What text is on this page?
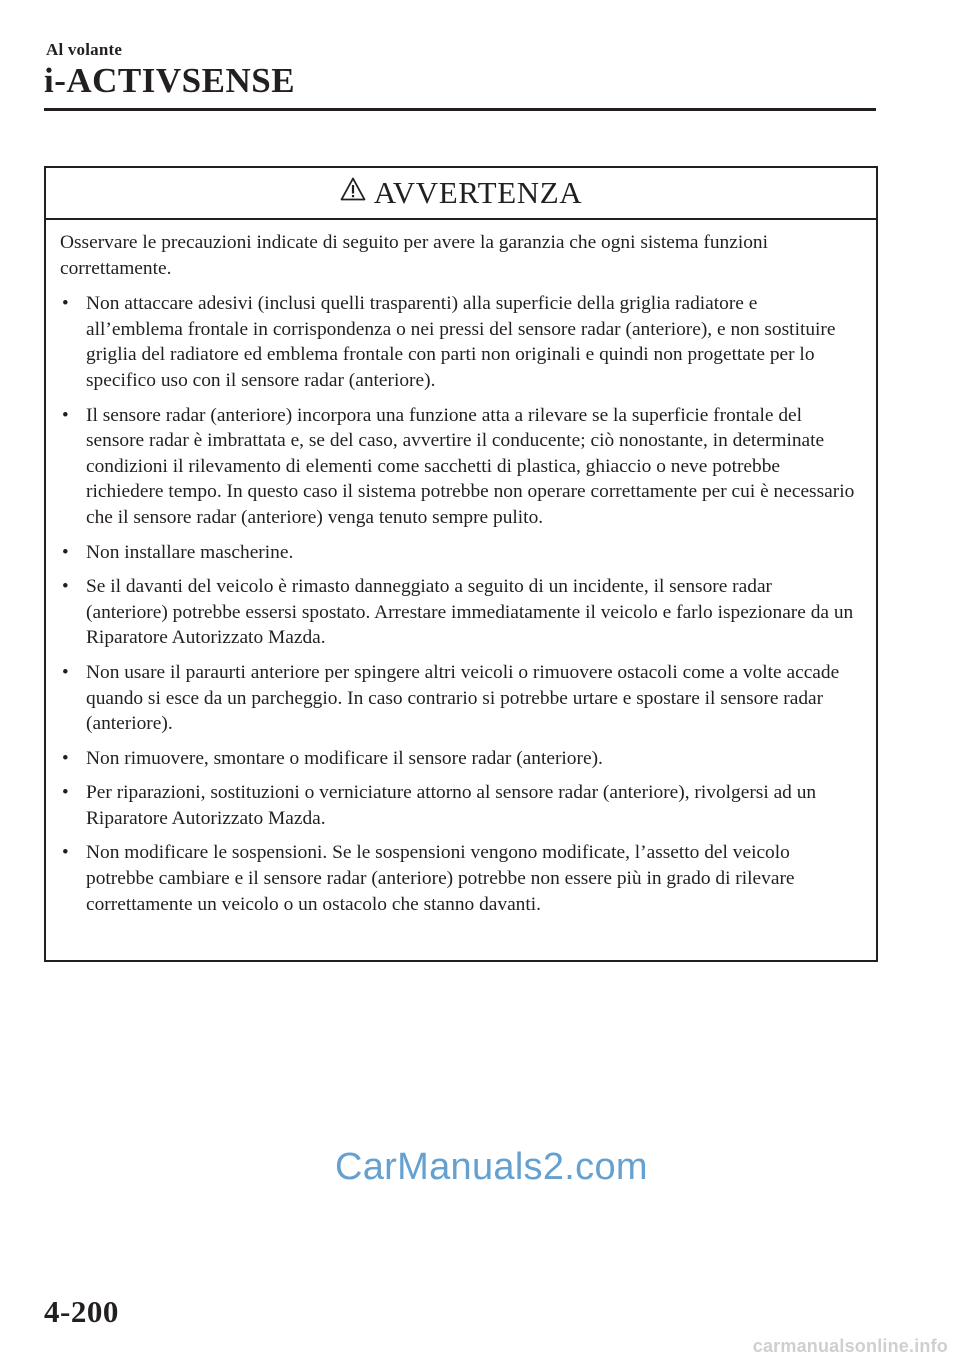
Al volante
i-ACTIVSENSE
AVVERTENZA

Osservare le precauzioni indicate di seguito per avere la garanzia che ogni sistema funzioni correttamente.

• Non attaccare adesivi (inclusi quelli trasparenti) alla superficie della griglia radiatore e all’emblema frontale in corrispondenza o nei pressi del sensore radar (anteriore), e non sostituire griglia del radiatore ed emblema frontale con parti non originali e quindi non progettate per lo specifico uso con il sensore radar (anteriore).
• Il sensore radar (anteriore) incorpora una funzione atta a rilevare se la superficie frontale del sensore radar è imbrattata e, se del caso, avvertire il conducente; ciò nonostante, in determinate condizioni il rilevamento di elementi come sacchetti di plastica, ghiaccio o neve potrebbe richiedere tempo. In questo caso il sistema potrebbe non operare correttamente per cui è necessario che il sensore radar (anteriore) venga tenuto sempre pulito.
• Non installare mascherine.
• Se il davanti del veicolo è rimasto danneggiato a seguito di un incidente, il sensore radar (anteriore) potrebbe essersi spostato. Arrestare immediatamente il veicolo e farlo ispezionare da un Riparatore Autorizzato Mazda.
• Non usare il paraurti anteriore per spingere altri veicoli o rimuovere ostacoli come a volte accade quando si esce da un parcheggio. In caso contrario si potrebbe urtare e spostare il sensore radar (anteriore).
• Non rimuovere, smontare o modificare il sensore radar (anteriore).
• Per riparazioni, sostituzioni o verniciature attorno al sensore radar (anteriore), rivolgersi ad un Riparatore Autorizzato Mazda.
• Non modificare le sospensioni. Se le sospensioni vengono modificate, l’assetto del veicolo potrebbe cambiare e il sensore radar (anteriore) potrebbe non essere più in grado di rilevare correttamente un veicolo o un ostacolo che stanno davanti.
CarManuals2.com
4-200
carmanualsonline.info
